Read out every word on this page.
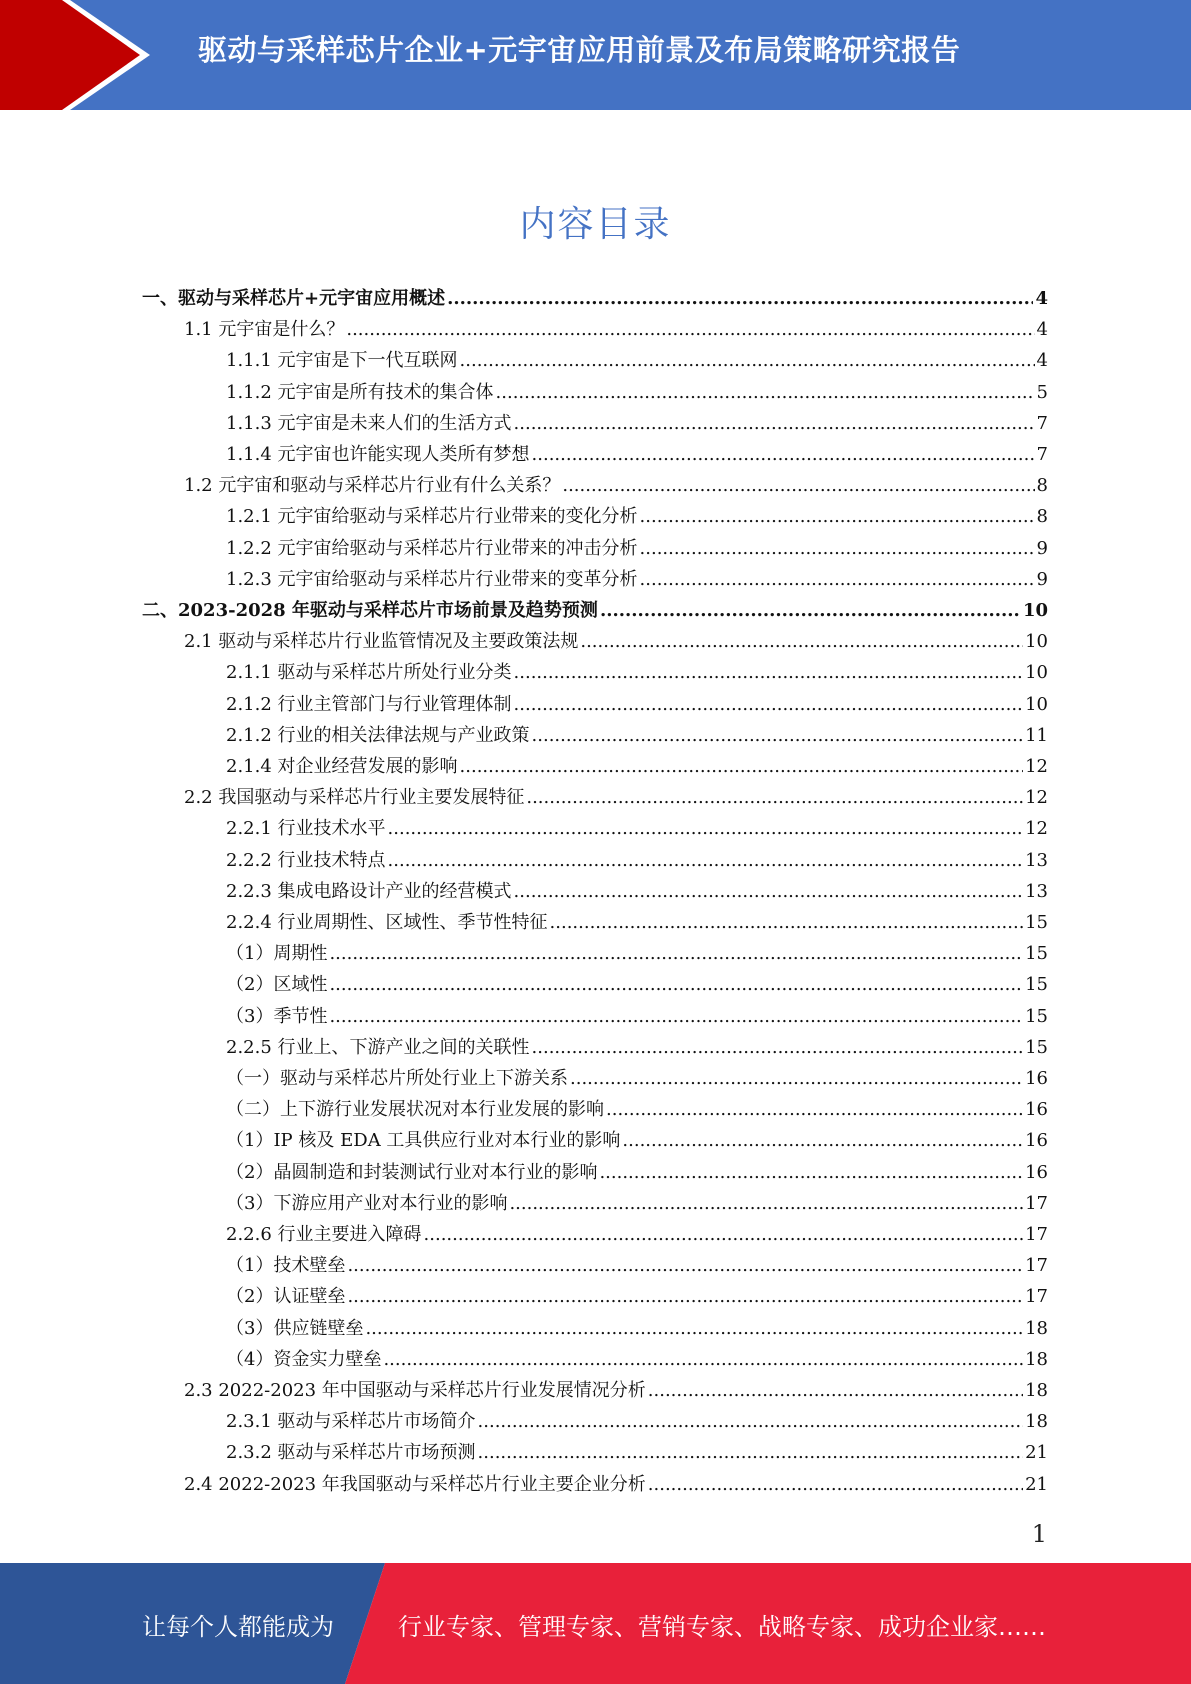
驱动与采样芯片企业+元宇宙应用前景及布局策略研究报告
内容目录
一、驱动与采样芯片+元宇宙应用概述 .....	4
1.1 元宇宙是什么？ .....	4
1.1.1 元宇宙是下一代互联网 .....	4
1.1.2 元宇宙是所有技术的集合体 .....	5
1.1.3 元宇宙是未来人们的生活方式 .....	7
1.1.4 元宇宙也许能实现人类所有梦想 .....	7
1.2 元宇宙和驱动与采样芯片行业有什么关系？ .....	8
1.2.1 元宇宙给驱动与采样芯片行业带来的变化分析 .....	8
1.2.2 元宇宙给驱动与采样芯片行业带来的冲击分析 .....	9
1.2.3 元宇宙给驱动与采样芯片行业带来的变革分析 .....	9
二、2023-2028 年驱动与采样芯片市场前景及趋势预测 .....	10
2.1 驱动与采样芯片行业监管情况及主要政策法规 .....	10
2.1.1 驱动与采样芯片所处行业分类 .....	10
2.1.2 行业主管部门与行业管理体制 .....	10
2.1.2 行业的相关法律法规与产业政策 .....	11
2.1.4 对企业经营发展的影响 .....	12
2.2 我国驱动与采样芯片行业主要发展特征 .....	12
2.2.1 行业技术水平 .....	12
2.2.2 行业技术特点 .....	13
2.2.3 集成电路设计产业的经营模式 .....	13
2.2.4 行业周期性、区域性、季节性特征 .....	15
（1）周期性 .....	15
（2）区域性 .....	15
（3）季节性 .....	15
2.2.5 行业上、下游产业之间的关联性 .....	15
（一）驱动与采样芯片所处行业上下游关系 .....	16
（二）上下游行业发展状况对本行业发展的影响 .....	16
（1）IP 核及 EDA 工具供应行业对本行业的影响 .....	16
（2）晶圆制造和封装测试行业对本行业的影响 .....	16
（3）下游应用产业对本行业的影响 .....	17
2.2.6 行业主要进入障碍 .....	17
（1）技术壁垒 .....	17
（2）认证壁垒 .....	17
（3）供应链壁垒 .....	18
（4）资金实力壁垒 .....	18
2.3 2022-2023 年中国驱动与采样芯片行业发展情况分析 .....	18
2.3.1 驱动与采样芯片市场简介 .....	18
2.3.2 驱动与采样芯片市场预测 .....	21
2.4 2022-2023 年我国驱动与采样芯片行业主要企业分析 .....	21
1
让每个人都能成为	行业专家、管理专家、营销专家、战略专家、成功企业家……
